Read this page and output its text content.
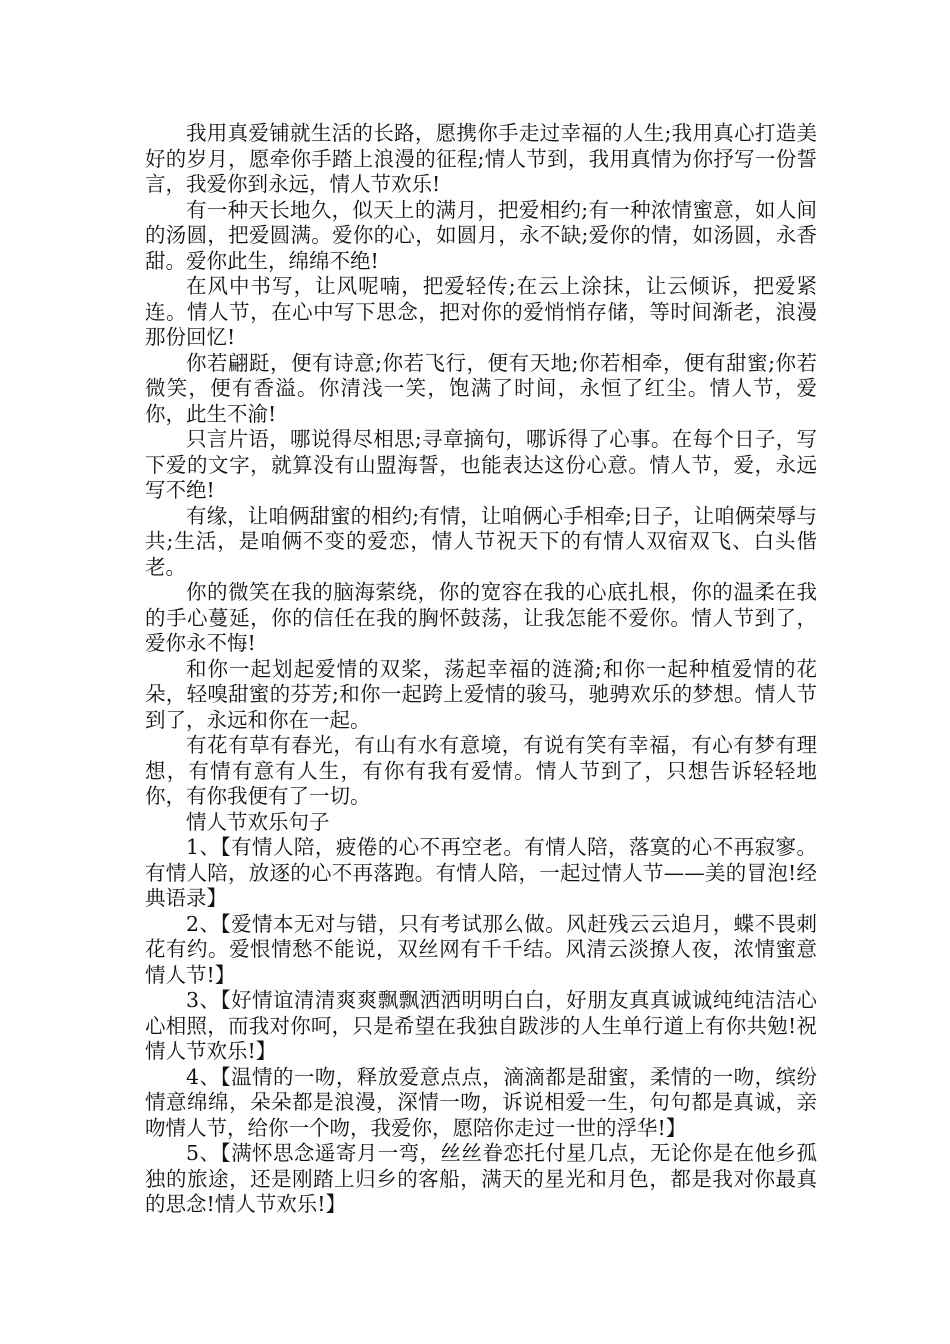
我用真爱铺就生活的长路，愿携你手走过幸福的人生;我用真心打造美好的岁月，愿牵你手踏上浪漫的征程;情人节到，我用真情为你抒写一份誓言，我爱你到永远，情人节欢乐!

有一种天长地久，似天上的满月，把爱相约;有一种浓情蜜意，如人间的汤圆，把爱圆满。爱你的心，如圆月，永不缺;爱你的情，如汤圆，永香甜。爱你此生，绵绵不绝!

在风中书写，让风呢喃，把爱轻传;在云上涂抹，让云倾诉，把爱紧连。情人节，在心中写下思念，把对你的爱悄悄存储，等时间渐老，浪漫那份回忆!

你若翩跹，便有诗意;你若飞行，便有天地;你若相牵，便有甜蜜;你若微笑，便有香溢。你清浅一笑，饱满了时间，永恒了红尘。情人节，爱你，此生不渝!

只言片语，哪说得尽相思;寻章摘句，哪诉得了心事。在每个日子，写下爱的文字，就算没有山盟海誓，也能表达这份心意。情人节，爱，永远写不绝!

有缘，让咱俩甜蜜的相约;有情，让咱俩心手相牵;日子，让咱俩荣辱与共;生活，是咱俩不变的爱恋，情人节祝天下的有情人双宿双飞、白头偕老。

你的微笑在我的脑海萦绕，你的宽容在我的心底扎根，你的温柔在我的手心蔓延，你的信任在我的胸怀鼓荡，让我怎能不爱你。情人节到了，爱你永不悔!

和你一起划起爱情的双桨，荡起幸福的涟漪;和你一起种植爱情的花朵，轻嗅甜蜜的芬芳;和你一起跨上爱情的骏马，驰骋欢乐的梦想。情人节到了，永远和你在一起。

有花有草有春光，有山有水有意境，有说有笑有幸福，有心有梦有理想，有情有意有人生，有你有我有爱情。情人节到了，只想告诉轻轻地你，有你我便有了一切。

情人节欢乐句子

1、【有情人陪，疲倦的心不再空老。有情人陪，落寞的心不再寂寥。有情人陪，放逐的心不再落跑。有情人陪，一起过情人节——美的冒泡!经典语录】

2、【爱情本无对与错，只有考试那么做。风赶残云云追月，蝶不畏刺花有约。爱恨情愁不能说，双丝网有千千结。风清云淡撩人夜，浓情蜜意情人节!】

3、【好情谊清清爽爽飘飘洒洒明明白白，好朋友真真诚诚纯纯洁洁心心相照，而我对你呵，只是希望在我独自跋涉的人生单行道上有你共勉!祝情人节欢乐!】

4、【温情的一吻，释放爱意点点，滴滴都是甜蜜，柔情的一吻，缤纷情意绵绵，朵朵都是浪漫，深情一吻，诉说相爱一生，句句都是真诚，亲吻情人节，给你一个吻，我爱你，愿陪你走过一世的浮华!】

5、【满怀思念遥寄月一弯，丝丝眷恋托付星几点，无论你是在他乡孤独的旅途，还是刚踏上归乡的客船，满天的星光和月色，都是我对你最真的思念!情人节欢乐!】
